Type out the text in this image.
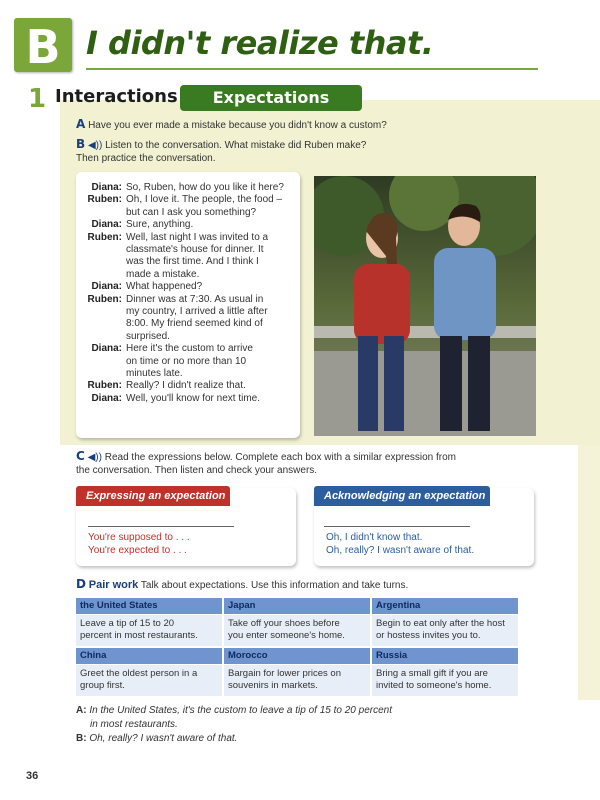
B I didn't realize that.
1 Interactions	Expectations
A Have you ever made a mistake because you didn't know a custom?
B ◀)) Listen to the conversation. What mistake did Ruben make?
Then practice the conversation.
Diana: So, Ruben, how do you like it here?
Ruben: Oh, I love it. The people, the food –
but can I ask you something?
Diana: Sure, anything.
Ruben: Well, last night I was invited to a
classmate's house for dinner. It
was the first time. And I think I
made a mistake.
Diana: What happened?
Ruben: Dinner was at 7:30. As usual in
my country, I arrived a little after
8:00. My friend seemed kind of
surprised.
Diana: Here it's the custom to arrive
on time or no more than 10
minutes late.
Ruben: Really? I didn't realize that.
Diana: Well, you'll know for next time.
C ◀)) Read the expressions below. Complete each box with a similar expression from
the conversation. Then listen and check your answers.
Expressing an expectation
You're supposed to . . .
You're expected to . . .
Acknowledging an expectation
Oh, I didn't know that.
Oh, really? I wasn't aware of that.
D Pair work Talk about expectations. Use this information and take turns.
the United States
Leave a tip of 15 to 20
percent in most restaurants.
Japan
Take off your shoes before
you enter someone's home.
Argentina
Begin to eat only after the host
or hostess invites you to.
China
Greet the oldest person in a
group first.
Morocco
Bargain for lower prices on
souvenirs in markets.
Russia
Bring a small gift if you are
invited to someone's home.
A: In the United States, it's the custom to leave a tip of 15 to 20 percent
in most restaurants.
B: Oh, really? I wasn't aware of that.
36
